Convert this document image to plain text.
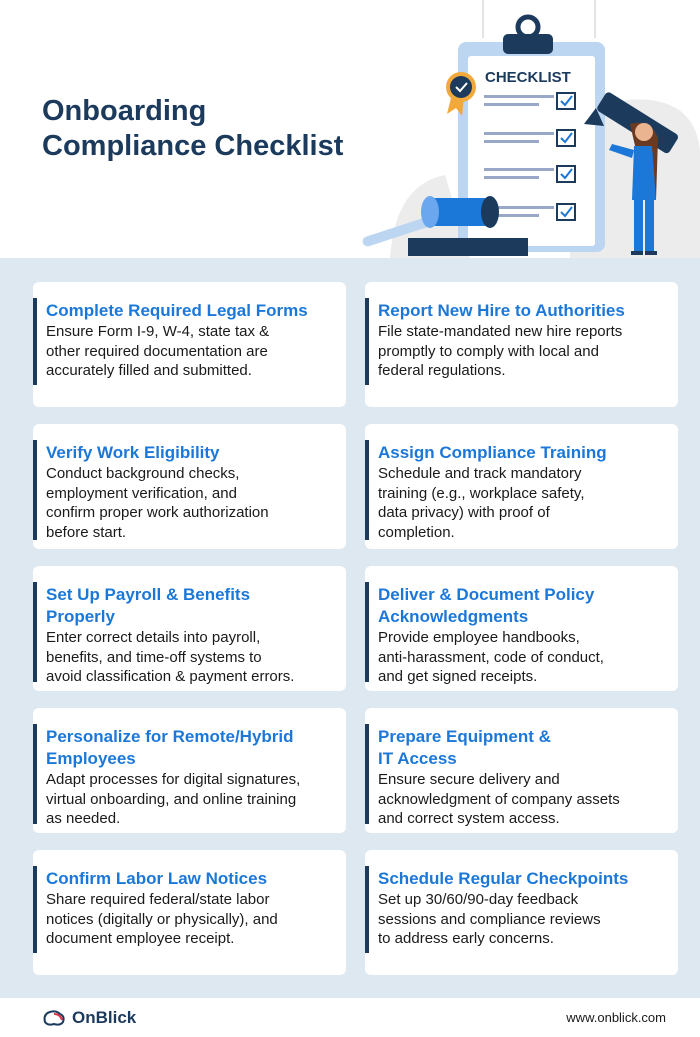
Onboarding
Compliance Checklist
CHECKLIST
Complete Required Legal Forms
Ensure Form I-9, W-4, state tax &
other required documentation are
accurately filled and submitted.
Report New Hire to Authorities
File state-mandated new hire reports
promptly to comply with local and
federal regulations.
Verify Work Eligibility
Conduct background checks,
employment verification, and
confirm proper work authorization
before start.
Assign Compliance Training
Schedule and track mandatory
training (e.g., workplace safety,
data privacy) with proof of
completion.
Set Up Payroll & Benefits
Properly
Enter correct details into payroll,
benefits, and time-off systems to
avoid classification & payment errors.
Deliver & Document Policy
Acknowledgments
Provide employee handbooks,
anti-harassment, code of conduct,
and get signed receipts.
Personalize for Remote/Hybrid
Employees
Adapt processes for digital signatures,
virtual onboarding, and online training
as needed.
Prepare Equipment &
IT Access
Ensure secure delivery and
acknowledgment of company assets
and correct system access.
Confirm Labor Law Notices
Share required federal/state labor
notices (digitally or physically), and
document employee receipt.
Schedule Regular Checkpoints
Set up 30/60/90-day feedback
sessions and compliance reviews
to address early concerns.
OnBlick	www.onblick.com
